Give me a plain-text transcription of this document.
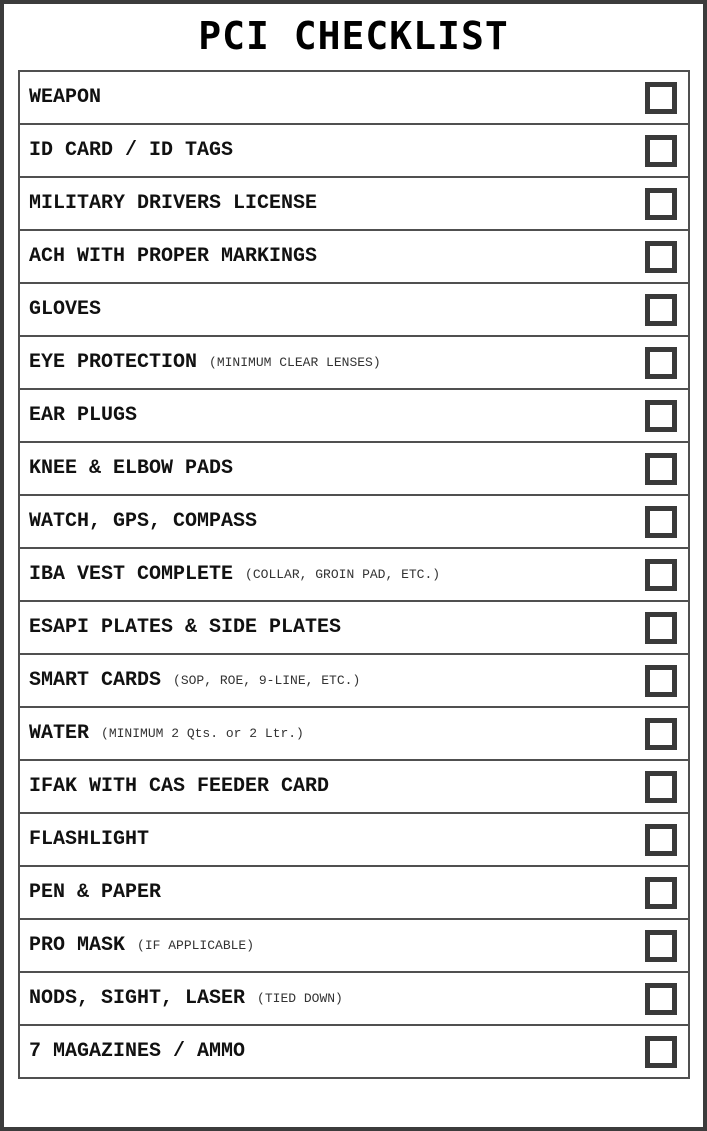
PCI CHECKLIST
WEAPON
ID CARD / ID TAGS
MILITARY DRIVERS LICENSE
ACH WITH PROPER MARKINGS
GLOVES
EYE PROTECTION (MINIMUM CLEAR LENSES)
EAR PLUGS
KNEE & ELBOW PADS
WATCH, GPS, COMPASS
IBA VEST COMPLETE (COLLAR, GROIN PAD, ETC.)
ESAPI PLATES & SIDE PLATES
SMART CARDS (SOP, ROE, 9-LINE, ETC.)
WATER (MINIMUM 2 Qts. or 2 Ltr.)
IFAK WITH CAS FEEDER CARD
FLASHLIGHT
PEN & PAPER
PRO MASK (IF APPLICABLE)
NODS, SIGHT, LASER (TIED DOWN)
7 MAGAZINES / AMMO
